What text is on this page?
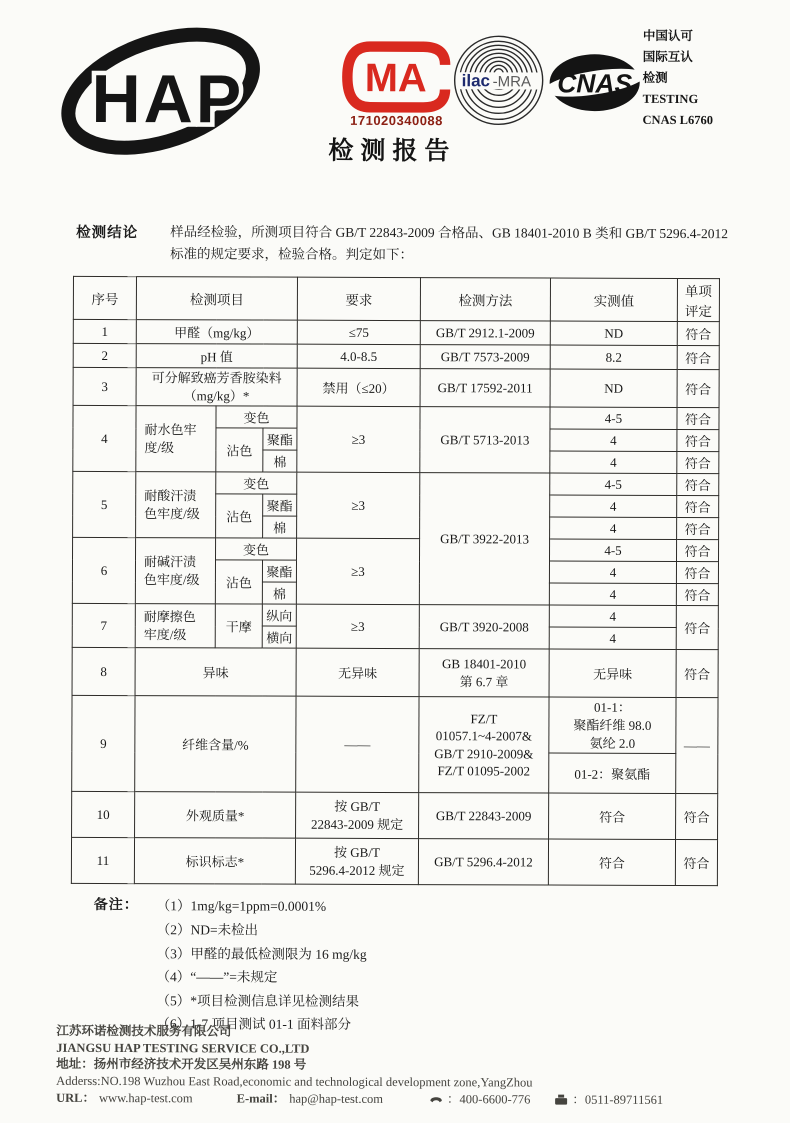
HAP	MA
171020340088
检测报告
ilac -MRA CNAS
中国认可
国际互认
检测
TESTING
CNAS L6760
检测结论	样品经检验，所测项目符合 GB/T 22843-2009 合格品、GB 18401-2010 B 类和 GB/T 5296.4-2012
标准的规定要求，检验合格。判定如下：
序号	检测项目			要求	检测方法	实测值	单项评定
1	甲醛（mg/kg）			≤75	GB/T 2912.1-2009	ND	符合
2	pH 值			4.0-8.5	GB/T 7573-2009	8.2	符合
3	可分解致癌芳香胺染料
（mg/kg）*			禁用（≤20）	GB/T 17592-2011	ND	符合
4	耐水色牢
度/级	变色		≥3	GB/T 5713-2013	4-5	符合
		沾色	聚酯			4	符合
			棉			4	符合
5	耐酸汗渍
色牢度/级	变色		≥3	GB/T 3922-2013	4-5	符合
		沾色	聚酯			4	符合
			棉			4	符合
6	耐碱汗渍
色牢度/级	变色		≥3		4-5	符合
		沾色	聚酯			4	符合
			棉			4	符合
7	耐摩擦色
牢度/级	干摩	纵向	≥3	GB/T 3920-2008	4	符合
			横向			4	
8	异味			无异味	GB 18401-2010
第 6.7 章	无异味	符合
9	纤维含量/%			——	FZ/T
01057.1~4-2007&
GB/T 2910-2009&
FZ/T 01095-2002	01-1：
聚酯纤维 98.0
氨纶 2.0	——
						01-2：聚氨酯	
10	外观质量*			按 GB/T
22843-2009 规定	GB/T 22843-2009	符合	符合
11	标识标志*			按 GB/T
5296.4-2012 规定	GB/T 5296.4-2012	符合	符合
备注： （1）1mg/kg=1ppm=0.0001%
（2）ND=未检出
（3）甲醛的最低检测限为 16 mg/kg
（4）“——”=未规定
（5）*项目检测信息详见检测结果
（6）1-7 项目测试 01-1 面料部分
江苏环诺检测技术服务有限公司
JIANGSU HAP TESTING SERVICE CO.,LTD
地址：扬州市经济技术开发区吴州东路 198 号
Adderss:NO.198 Wuzhou East Road,economic and technological development zone,YangZhou
URL： www.hap-test.com	E-mail： hap@hap-test.com	：400-6600-776	：0511-89711561
